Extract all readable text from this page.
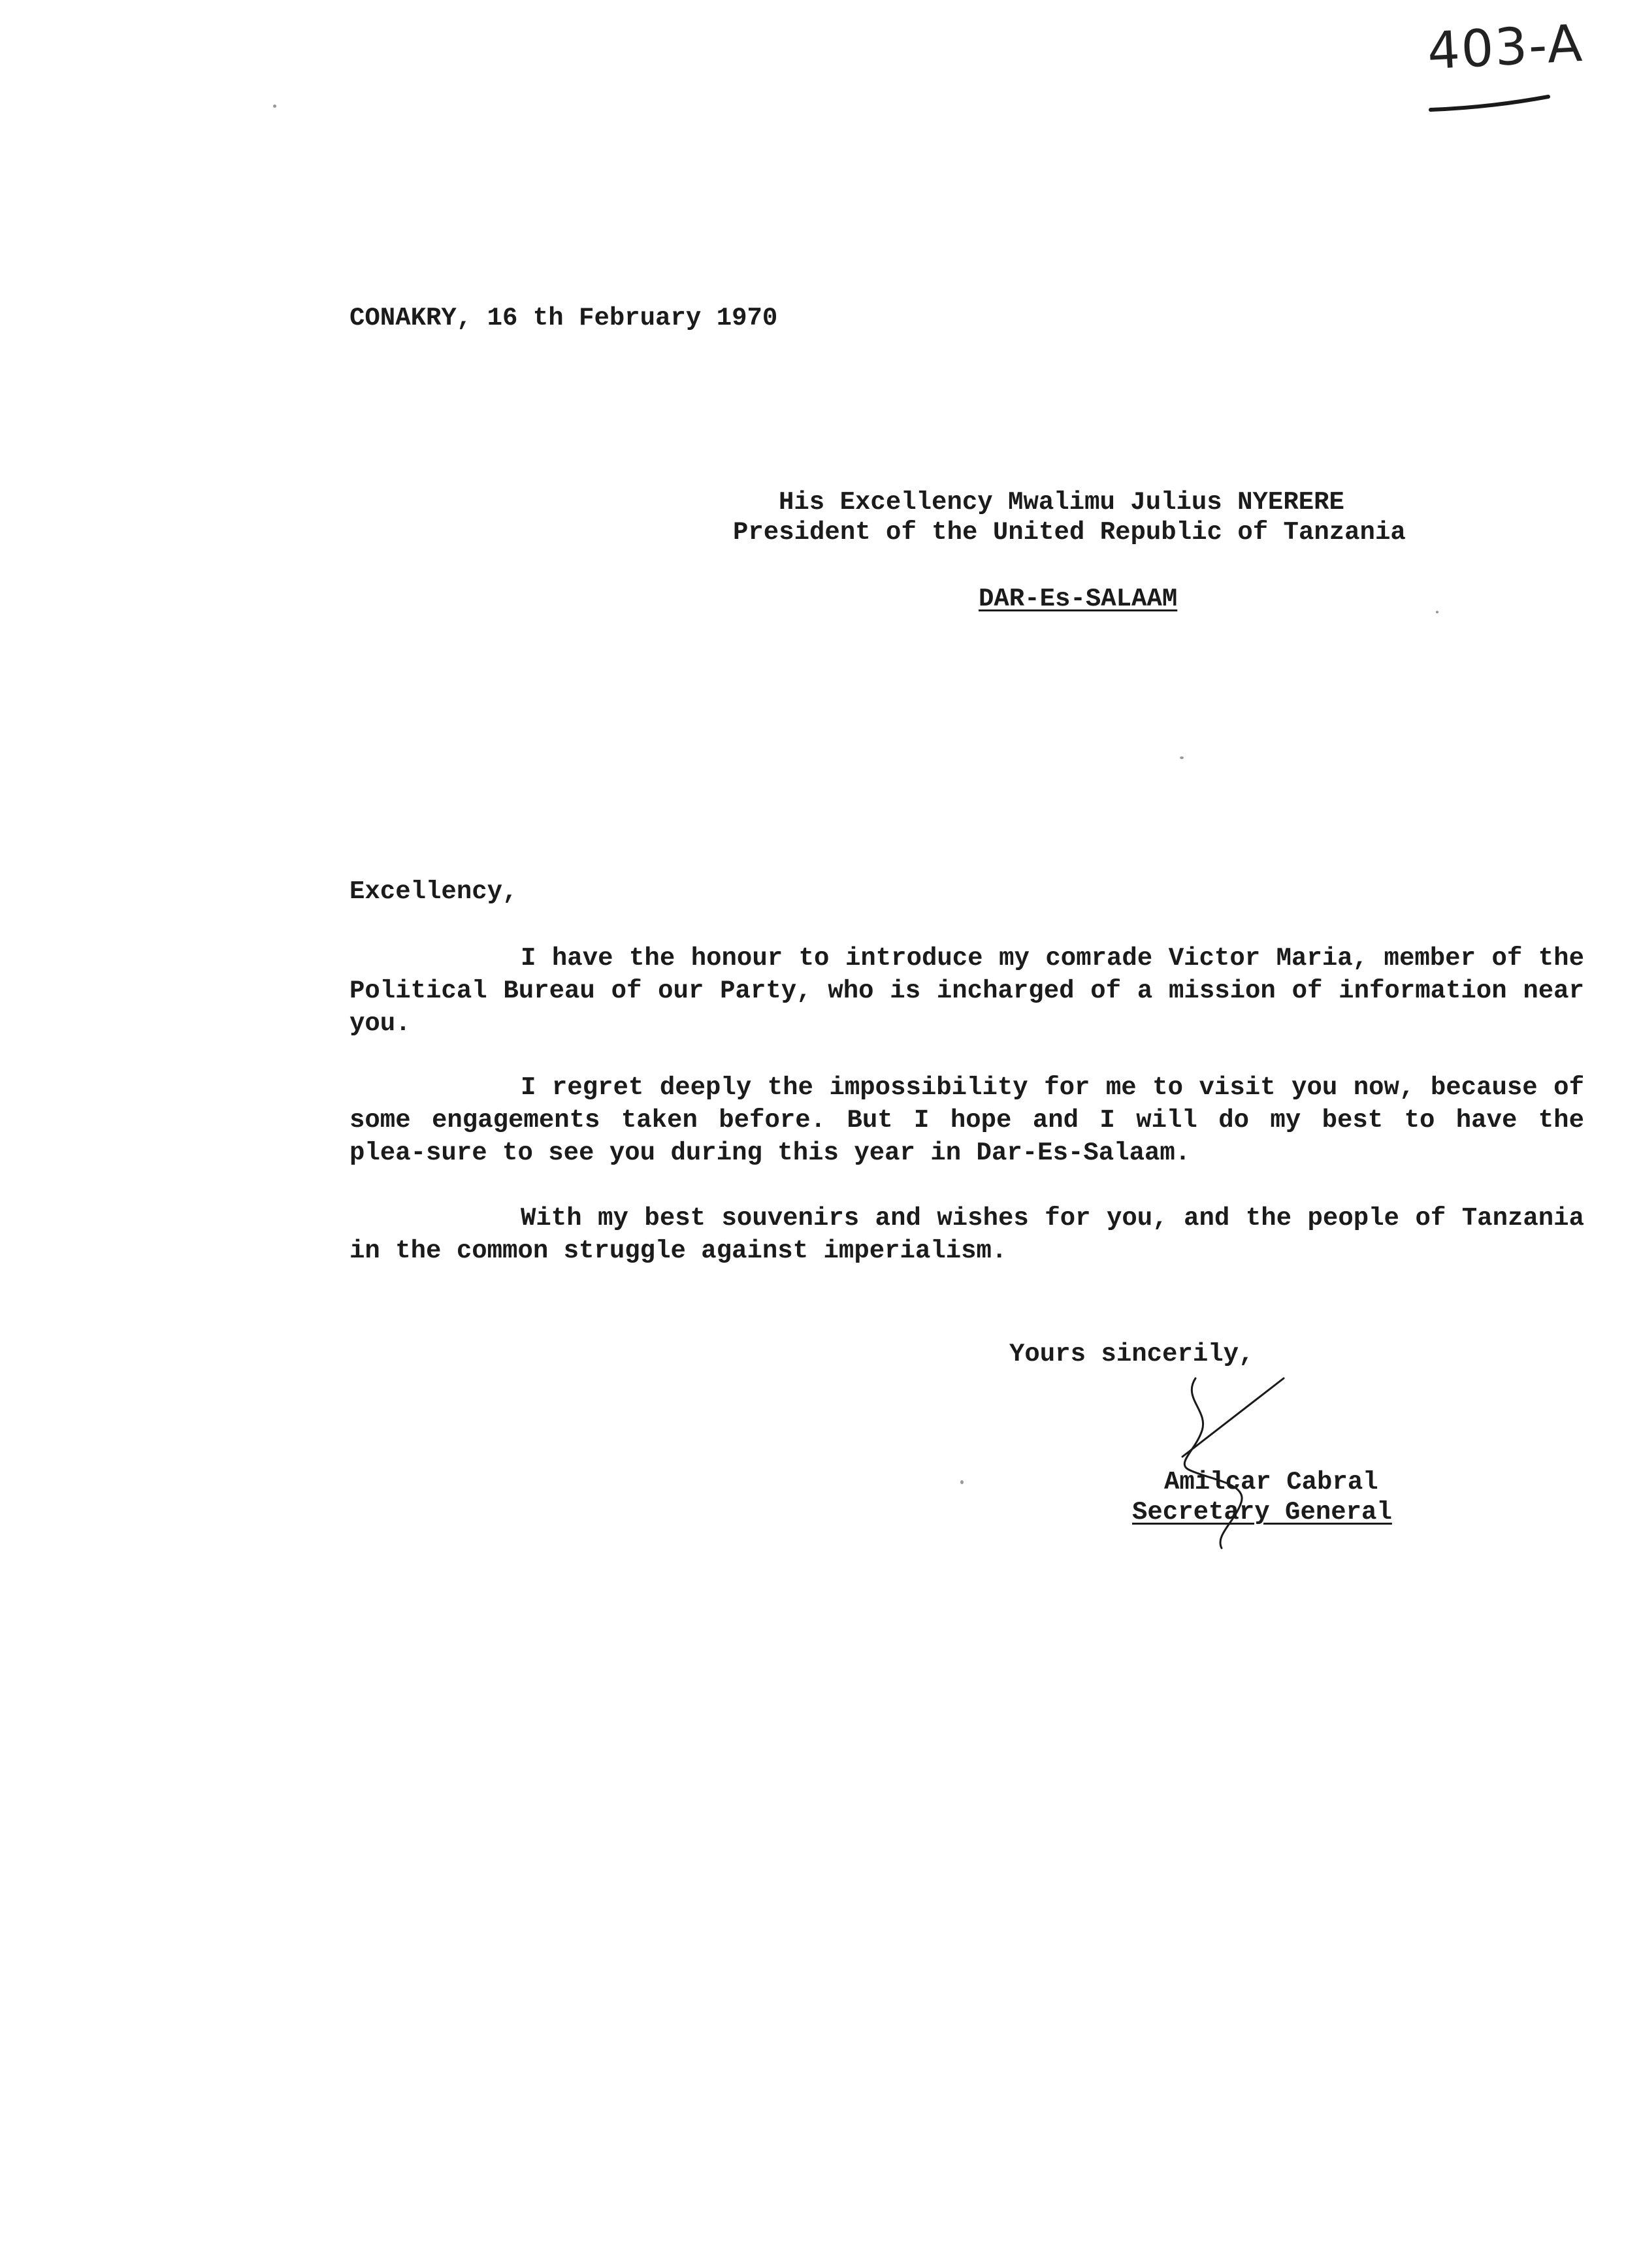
403-A
CONAKRY, 16 th February 1970
His Excellency Mwalimu Julius NYERERE
President of the United Republic of Tanzania
DAR-Es-SALAAM
Excellency,
I have the honour to introduce my comrade Victor Maria, member of the Political Bureau of our Party, who is incharged of a mission of information near you.
I regret deeply the impossibility for me to visit you now, because of some engagements taken before. But I hope and I will do my best to have the plea-sure to see you during this year in Dar-Es-Salaam.
With my best souvenirs and wishes for you, and the people of Tanzania in the common struggle against imperialism.
Yours sincerily,
Amilcar Cabral
Secretary General
